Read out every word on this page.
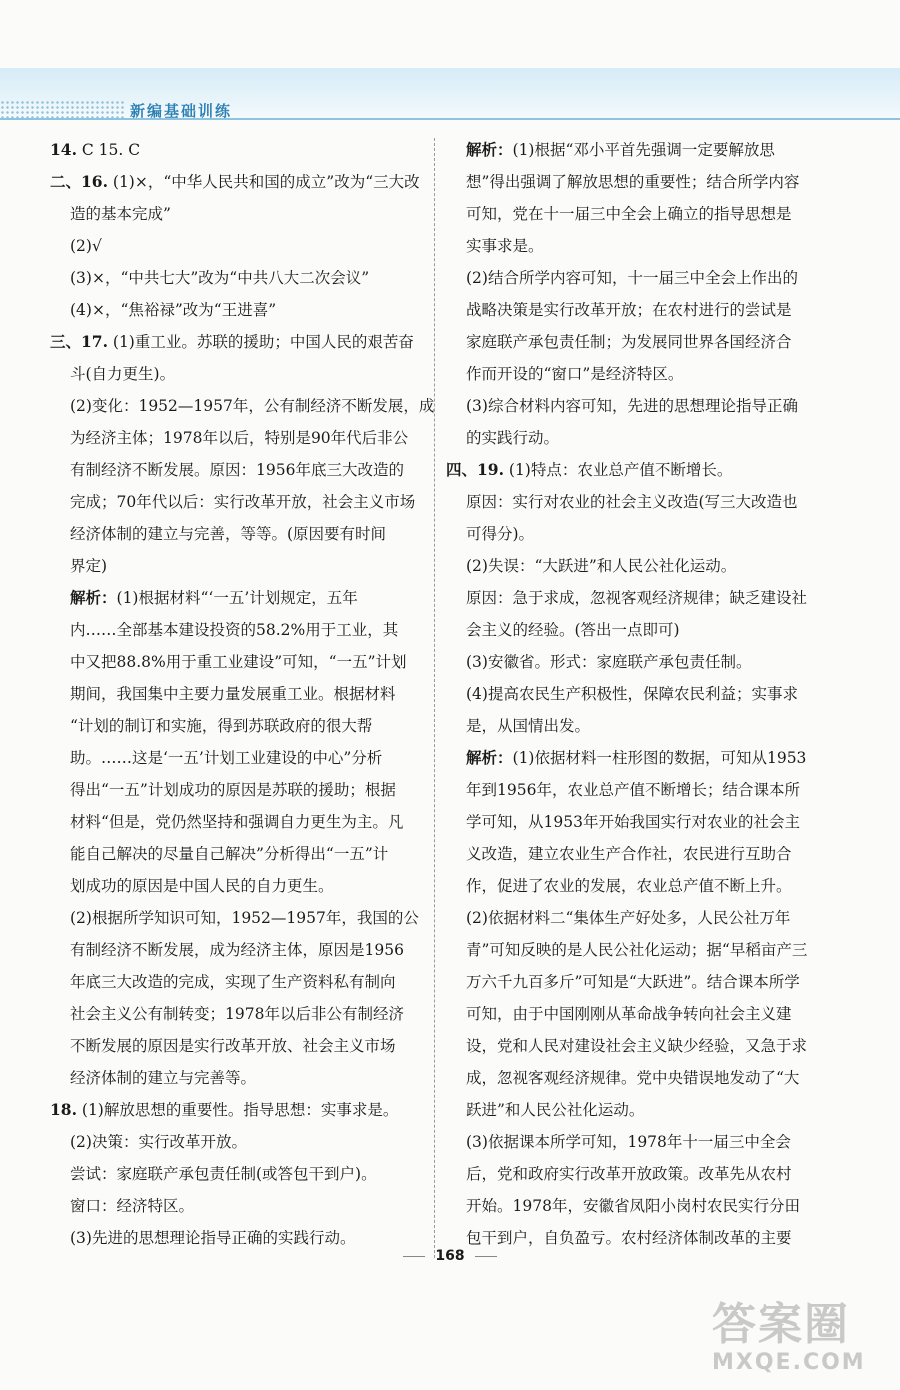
新编基础训练
14. C 15. C
二、16. (1)×，“中华人民共和国的成立”改为“三大改
造的基本完成”
(2)√
(3)×，“中共七大”改为“中共八大二次会议”
(4)×，“焦裕禄”改为“王进喜”
三、17. (1)重工业。苏联的援助；中国人民的艰苦奋
斗(自力更生)。
(2)变化：1952—1957年，公有制经济不断发展，成
为经济主体；1978年以后，特别是90年代后非公
有制经济不断发展。原因：1956年底三大改造的
完成；70年代以后：实行改革开放，社会主义市场
经济体制的建立与完善，等等。(原因要有时间
界定)
解析：(1)根据材料“‘一五’计划规定，五年
内……全部基本建设投资的58.2%用于工业，其
中又把88.8%用于重工业建设”可知，“一五”计划
期间，我国集中主要力量发展重工业。根据材料
“计划的制订和实施，得到苏联政府的很大帮
助。……这是‘一五’计划工业建设的中心”分析
得出“一五”计划成功的原因是苏联的援助；根据
材料“但是，党仍然坚持和强调自力更生为主。凡
能自己解决的尽量自己解决”分析得出“一五”计
划成功的原因是中国人民的自力更生。
(2)根据所学知识可知，1952—1957年，我国的公
有制经济不断发展，成为经济主体，原因是1956
年底三大改造的完成，实现了生产资料私有制向
社会主义公有制转变；1978年以后非公有制经济
不断发展的原因是实行改革开放、社会主义市场
经济体制的建立与完善等。
18. (1)解放思想的重要性。指导思想：实事求是。
(2)决策：实行改革开放。
尝试：家庭联产承包责任制(或答包干到户)。
窗口：经济特区。
(3)先进的思想理论指导正确的实践行动。
解析：(1)根据“邓小平首先强调一定要解放思
想”得出强调了解放思想的重要性；结合所学内容
可知，党在十一届三中全会上确立的指导思想是
实事求是。
(2)结合所学内容可知，十一届三中全会上作出的
战略决策是实行改革开放；在农村进行的尝试是
家庭联产承包责任制；为发展同世界各国经济合
作而开设的“窗口”是经济特区。
(3)综合材料内容可知，先进的思想理论指导正确
的实践行动。
四、19. (1)特点：农业总产值不断增长。
原因：实行对农业的社会主义改造(写三大改造也
可得分)。
(2)失误：“大跃进”和人民公社化运动。
原因：急于求成，忽视客观经济规律；缺乏建设社
会主义的经验。(答出一点即可)
(3)安徽省。形式：家庭联产承包责任制。
(4)提高农民生产积极性，保障农民利益；实事求
是，从国情出发。
解析：(1)依据材料一柱形图的数据，可知从1953
年到1956年，农业总产值不断增长；结合课本所
学可知，从1953年开始我国实行对农业的社会主
义改造，建立农业生产合作社，农民进行互助合
作，促进了农业的发展，农业总产值不断上升。
(2)依据材料二“集体生产好处多，人民公社万年
青”可知反映的是人民公社化运动；据“早稻亩产三
万六千九百多斤”可知是“大跃进”。结合课本所学
可知，由于中国刚刚从革命战争转向社会主义建
设，党和人民对建设社会主义缺少经验，又急于求
成，忽视客观经济规律。党中央错误地发动了“大
跃进”和人民公社化运动。
(3)依据课本所学可知，1978年十一届三中全会
后，党和政府实行改革开放政策。改革先从农村
开始。1978年，安徽省凤阳小岗村农民实行分田
包干到户，自负盈亏。农村经济体制改革的主要
168
答案圈
MXQE.COM
